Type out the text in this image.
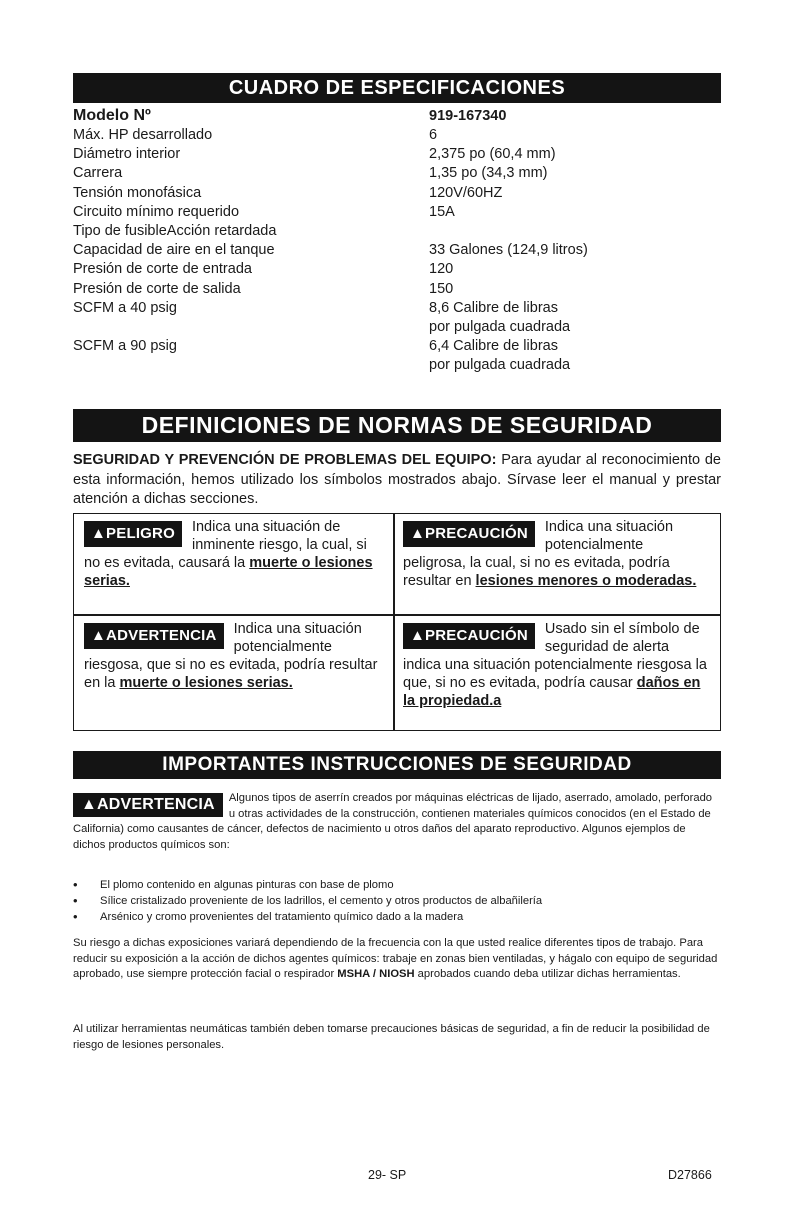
CUADRO DE ESPECIFICACIONES
Modelo Nº	919-167340
Máx. HP desarrollado	6
Diámetro interior	2,375 po (60,4 mm)
Carrera	1,35 po (34,3 mm)
Tensión monofásica	120V/60HZ
Circuito mínimo requerido	15A
Tipo de fusibleAcción retardada
Capacidad de aire en el tanque	33 Galones (124,9 litros)
Presión de corte de entrada	120
Presión de corte de salida	150
SCFM a 40 psig	8,6 Calibre de libras
por pulgada cuadrada
SCFM a 90 psig	6,4 Calibre de libras
por pulgada cuadrada
DEFINICIONES DE NORMAS DE SEGURIDAD
SEGURIDAD Y PREVENCIÓN DE PROBLEMAS DEL EQUIPO: Para ayudar al reconocimiento de esta información, hemos utilizado los símbolos mostrados abajo. Sírvase leer el manual y prestar atención a dichas secciones.
▲PELIGRO	Indica una situación de inminente riesgo, la cual, si no es evitada, causará la muerte o lesiones serias.
▲PRECAUCIÓN	Indica una situación potencialmente peligrosa, la cual, si no es evitada, podría resultar en lesiones menores o moderadas.
▲ADVERTENCIA	Indica una situación potencialmente riesgosa, que si no es evitada, podría resultar en la muerte o lesiones serias.
▲PRECAUCIÓN	Usado sin el símbolo de seguridad de alerta indica una situación potencialmente riesgosa la que, si no es evitada, podría causar daños en la propiedad.a
IMPORTANTES INSTRUCCIONES DE SEGURIDAD
▲ADVERTENCIA	Algunos tipos de aserrín creados por máquinas eléctricas de lijado, aserrado, amolado, perforado u otras actividades de la construcción, contienen materiales químicos conocidos (en el Estado de California) como causantes de cáncer, defectos de nacimiento u otros daños del aparato reproductivo. Algunos ejemplos de dichos productos químicos son:
•	El plomo contenido en algunas pinturas con base de plomo
•	Sílice cristalizado proveniente de los ladrillos, el cemento y otros productos de albañilería
•	Arsénico y cromo provenientes del tratamiento químico dado a la madera
Su riesgo a dichas exposiciones variará dependiendo de la frecuencia con la que usted realice diferentes tipos de trabajo. Para reducir su exposición a la acción de dichos agentes químicos: trabaje en zonas bien ventiladas, y hágalo con equipo de seguridad aprobado, use siempre protección facial o respirador MSHA / NIOSH aprobados cuando deba utilizar dichas herramientas.
Al utilizar herramientas neumáticas también deben tomarse precauciones básicas de seguridad, a fin de reducir la posibilidad de riesgo de lesiones personales.
29- SP	D27866
